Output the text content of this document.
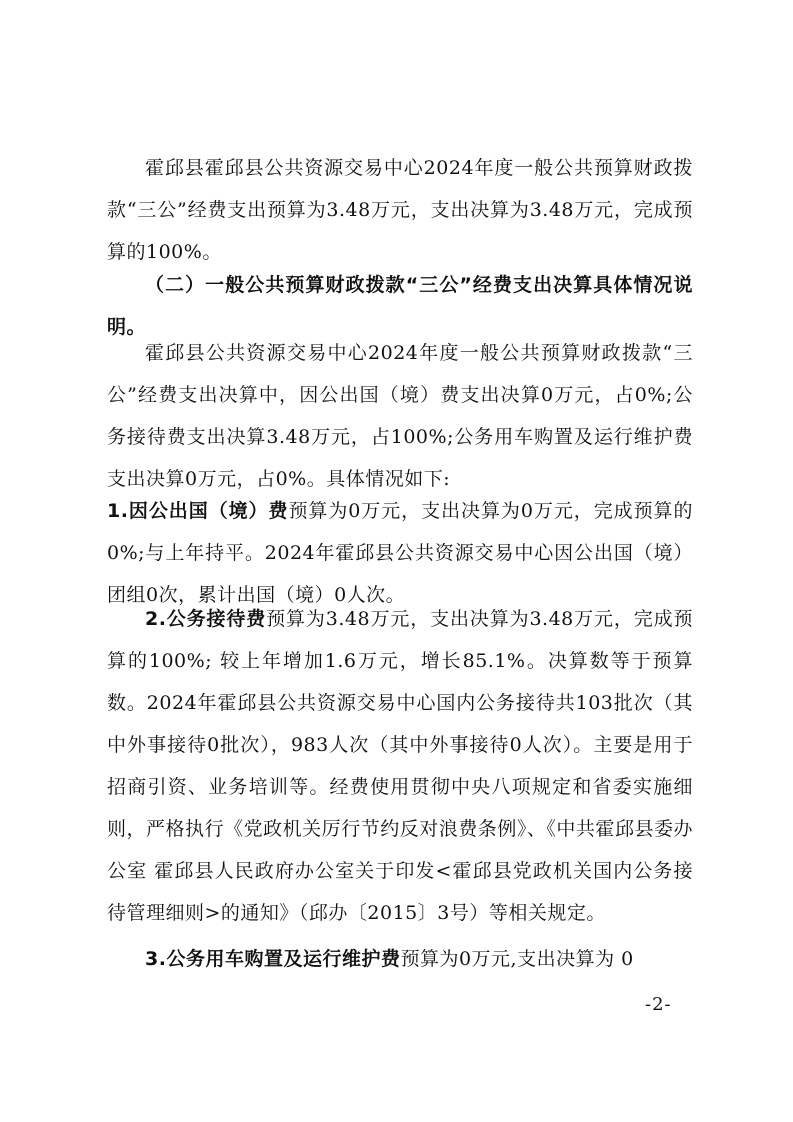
霍邱县霍邱县公共资源交易中心2024年度一般公共预算财政拨款“三公”经费支出预算为3.48万元，支出决算为3.48万元，完成预算的100%。

（二）一般公共预算财政拨款“三公”经费支出决算具体情况说明。

霍邱县公共资源交易中心2024年度一般公共预算财政拨款“三公”经费支出决算中，因公出国（境）费支出决算0万元，占0%;公务接待费支出决算3.48万元，占100%;公务用车购置及运行维护费支出决算0万元，占0%。具体情况如下:

1.因公出国（境）费预算为0万元，支出决算为0万元，完成预算的0%;与上年持平。2024年霍邱县公共资源交易中心因公出国（境）团组0次，累计出国（境）0人次。

2.公务接待费预算为3.48万元，支出决算为3.48万元，完成预算的100%; 较上年增加1.6万元，增长85.1%。决算数等于预算数。2024年霍邱县公共资源交易中心国内公务接待共103批次（其中外事接待0批次），983人次（其中外事接待0人次）。主要是用于招商引资、业务培训等。经费使用贯彻中央八项规定和省委实施细则，严格执行《党政机关厉行节约反对浪费条例》、《中共霍邱县委办公室 霍邱县人民政府办公室关于印发<霍邱县党政机关国内公务接待管理细则>的通知》（邱办〔2015〕3号）等相关规定。

3.公务用车购置及运行维护费预算为0万元,支出决算为 0

-2-
